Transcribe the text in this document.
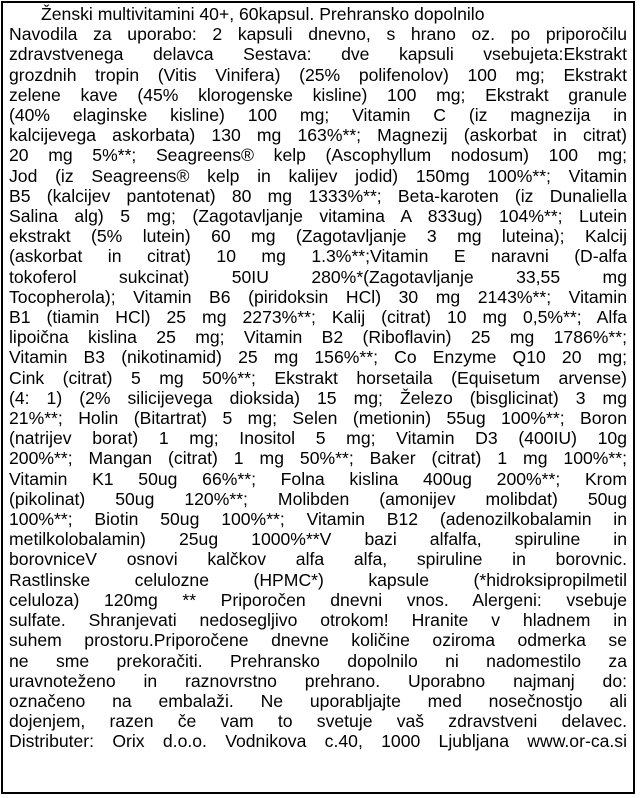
Ženski multivitamini 40+, 60kapsul. Prehransko dopolnilo
Navodila za uporabo: 2 kapsuli dnevno, s hrano oz. po priporočilu
zdravstvenega delavca Sestava: dve kapsuli vsebujeta:Ekstrakt
grozdnih tropin (Vitis Vinifera) (25% polifenolov) 100 mg; Ekstrakt
zelene kave (45% klorogenske kisline) 100 mg; Ekstrakt granule
(40% elaginske kisline) 100 mg; Vitamin C (iz magnezija in
kalcijevega askorbata) 130 mg 163%**; Magnezij (askorbat in citrat)
20 mg 5%**; Seagreens® kelp (Ascophyllum nodosum) 100 mg;
Jod (iz Seagreens® kelp in kalijev jodid) 150mg 100%**; Vitamin
B5 (kalcijev pantotenat) 80 mg 1333%**; Beta-karoten (iz Dunaliella
Salina alg) 5 mg; (Zagotavljanje vitamina A 833ug) 104%**; Lutein
ekstrakt (5% lutein) 60 mg (Zagotavljanje 3 mg luteina); Kalcij
(askorbat in citrat) 10 mg 1.3%**;Vitamin E naravni (D-alfa
tokoferol sukcinat) 50IU 280%*(Zagotavljanje 33,55 mg
Tocopherola); Vitamin B6 (piridoksin HCl) 30 mg 2143%**; Vitamin
B1 (tiamin HCl) 25 mg 2273%**; Kalij (citrat) 10 mg 0,5%**; Alfa
lipoična kislina 25 mg; Vitamin B2 (Riboflavin) 25 mg 1786%**;
Vitamin B3 (nikotinamid) 25 mg 156%**; Co Enzyme Q10 20 mg;
Cink (citrat) 5 mg 50%**; Ekstrakt horsetaila (Equisetum arvense)
(4: 1) (2% silicijevega dioksida) 15 mg; Železo (bisglicinat) 3 mg
21%**; Holin (Bitartrat) 5 mg; Selen (metionin) 55ug 100%**; Boron
(natrijev borat) 1 mg; Inositol 5 mg; Vitamin D3 (400IU) 10g
200%**; Mangan (citrat) 1 mg 50%**; Baker (citrat) 1 mg 100%**;
Vitamin K1 50ug 66%**; Folna kislina 400ug 200%**; Krom
(pikolinat) 50ug 120%**; Molibden (amonijev molibdat) 50ug
100%**; Biotin 50ug 100%**; Vitamin B12 (adenozilkobalamin in
metilkolobalamin) 25ug 1000%**V bazi alfalfa, spiruline in
borovniceV osnovi kalčkov alfa alfa, spiruline in borovnic.
Rastlinske celulozne (HPMC*) kapsule (*hidroksipropilmetil
celuloza) 120mg ** Priporočen dnevni vnos. Alergeni: vsebuje
sulfate. Shranjevati nedosegljivo otrokom! Hranite v hladnem in
suhem prostoru.Priporočene dnevne količine oziroma odmerka se
ne sme prekoračiti. Prehransko dopolnilo ni nadomestilo za
uravnoteženo in raznovrstno prehrano. Uporabno najmanj do:
označeno na embalaži. Ne uporabljajte med nosečnostjo ali
dojenjem, razen če vam to svetuje vaš zdravstveni delavec.
Distributer: Orix d.o.o. Vodnikova c.40, 1000 Ljubljana www.or-ca.si
